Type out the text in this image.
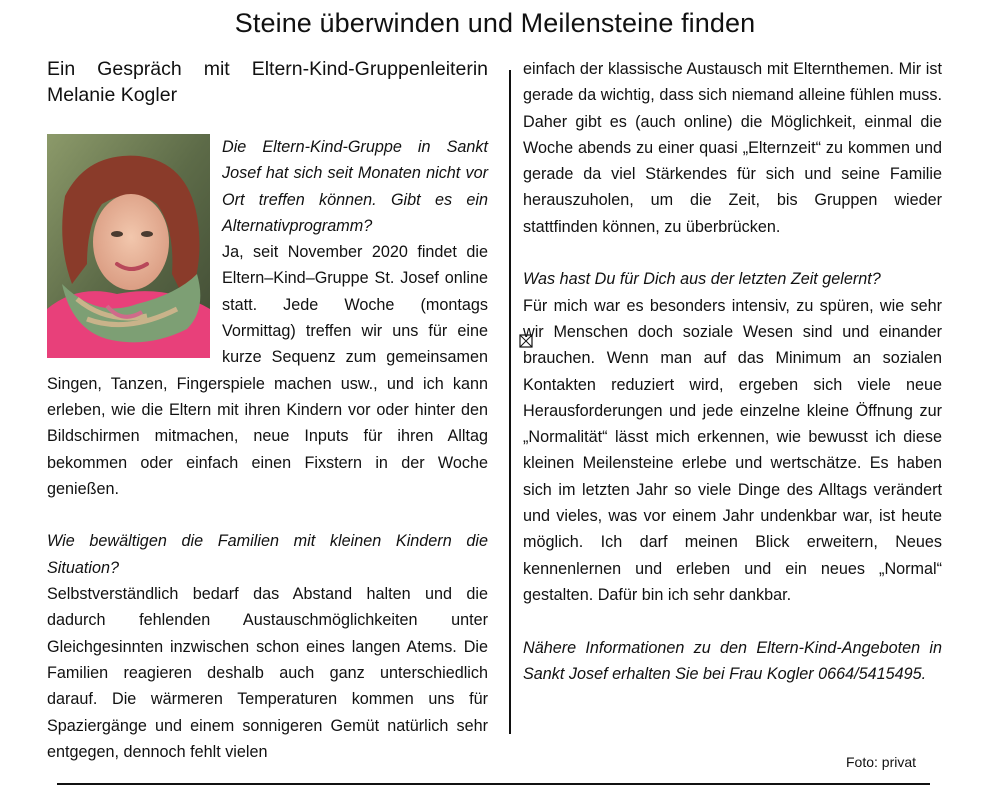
Steine überwinden und Meilensteine finden
Ein Gespräch mit Eltern-Kind-Gruppenleiterin Melanie Kogler

Die Eltern-Kind-Gruppe in Sankt Josef hat sich seit Monaten nicht vor Ort treffen können. Gibt es ein Alternativprogramm?

Ja, seit November 2020 findet die Eltern–Kind–Gruppe St. Josef online statt. Jede Woche (montags Vormittag) treffen wir uns für eine kurze Sequenz zum gemeinsamen Singen, Tanzen, Fingerspiele machen usw., und ich kann erleben, wie die Eltern mit ihren Kindern vor oder hinter den Bildschirmen mitmachen, neue Inputs für ihren Alltag bekommen oder einfach einen Fixstern in der Woche genießen.

Wie bewältigen die Familien mit kleinen Kindern die Situation?

Selbstverständlich bedarf das Abstand halten und die dadurch fehlenden Austauschmöglichkeiten unter Gleichgesinnten inzwischen schon eines langen Atems. Die Familien reagieren deshalb auch ganz unterschiedlich darauf. Die wärmeren Temperaturen kommen uns für Spaziergänge und einem sonnigeren Gemüt natürlich sehr entgegen, dennoch fehlt vielen

einfach der klassische Austausch mit Elternthemen. Mir ist gerade da wichtig, dass sich niemand alleine fühlen muss. Daher gibt es (auch online) die Möglichkeit, einmal die Woche abends zu einer quasi „Elternzeit“ zu kommen und gerade da viel Stärkendes für sich und seine Familie herauszuholen, um die Zeit, bis Gruppen wieder stattfinden können, zu überbrücken.

Was hast Du für Dich aus der letzten Zeit gelernt?

Für mich war es besonders intensiv, zu spüren, wie sehr wir Menschen doch soziale Wesen sind und einander brauchen. Wenn man auf das Minimum an sozialen Kontakten reduziert wird, ergeben sich viele neue Herausforderungen und jede einzelne kleine Öffnung zur „Normalität“ lässt mich erkennen, wie bewusst ich diese kleinen Meilensteine erlebe und wertschätze. Es haben sich im letzten Jahr so viele Dinge des Alltags verändert und vieles, was vor einem Jahr undenkbar war, ist heute möglich. Ich darf meinen Blick erweitern, Neues kennenlernen und erleben und ein neues „Normal“ gestalten. Dafür bin ich sehr dankbar.

Nähere Informationen zu den Eltern-Kind-Angeboten in Sankt Josef erhalten Sie bei Frau Kogler 0664/5415495.

Foto: privat
